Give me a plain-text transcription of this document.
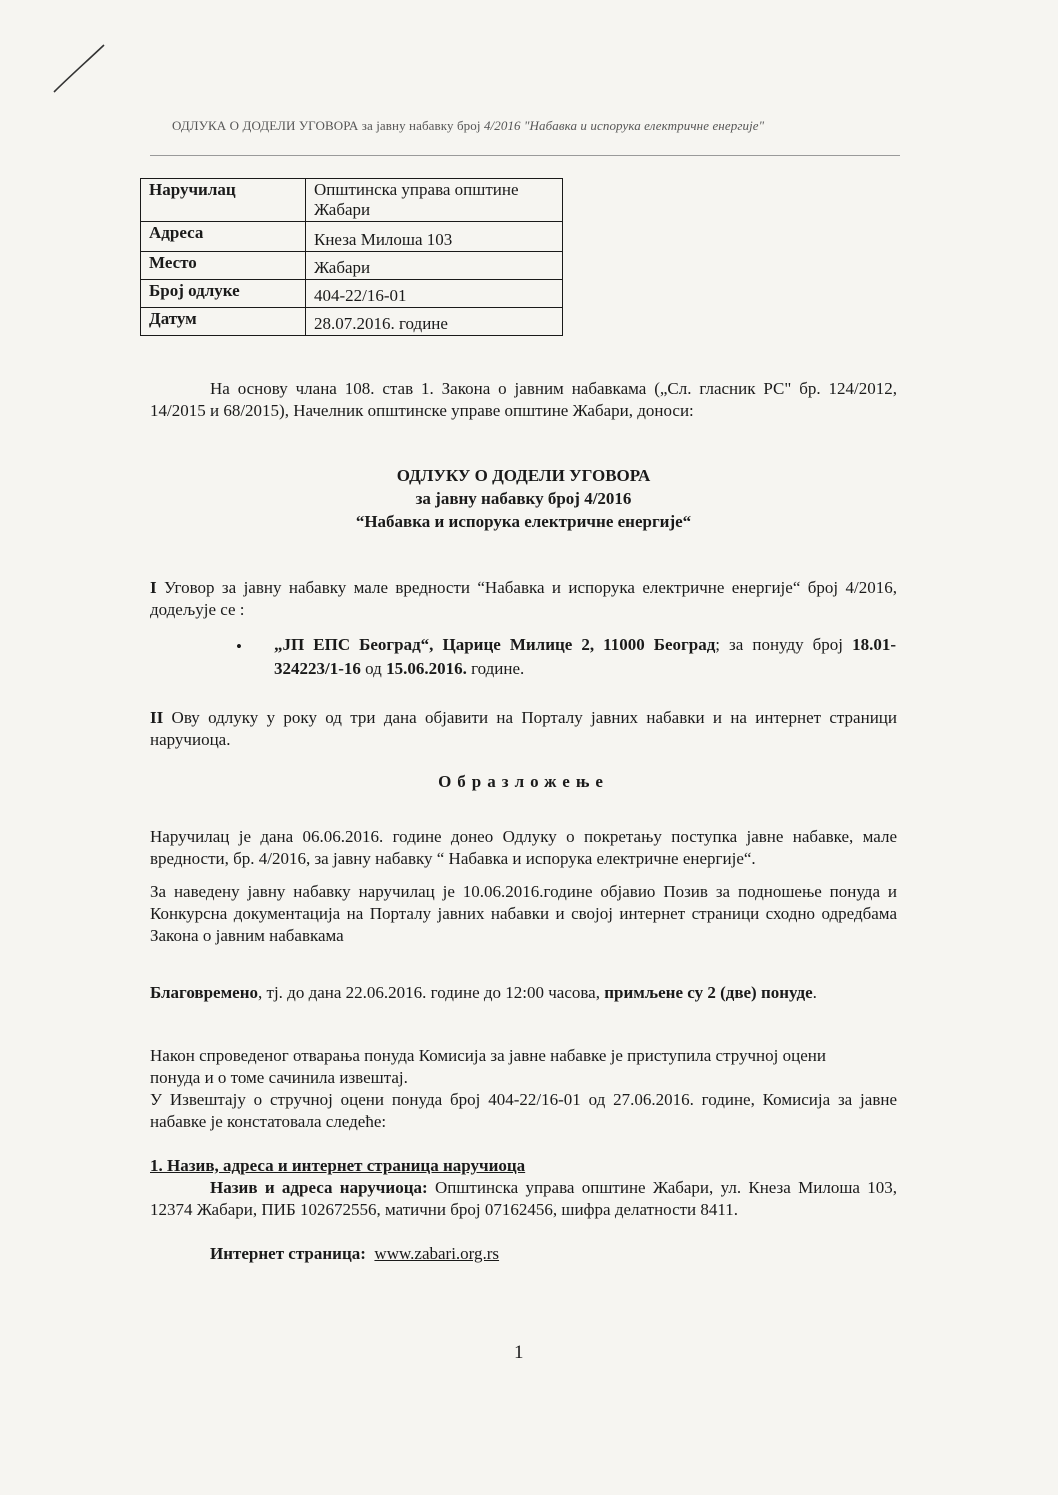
ОДЛУКА О ДОДЕЛИ УГОВОРА за јавну набавку број 4/2016 "Набавка и испорука електричне енергије"
Наручилац	Општинска управа општине Жабари
Адреса	Кнеза Милоша 103
Место	Жабари
Број одлуке	404-22/16-01
Датум	28.07.2016. године

На основу члана 108. став 1. Закона о јавним набавкама („Сл. гласник РС" бр. 124/2012, 14/2015 и 68/2015), Начелник општинске управе општине Жабари, доноси:

ОДЛУКУ О ДОДЕЛИ УГОВОРА

за јавну набавку број 4/2016

“Набавка и испорука електричне енергије“

I Уговор за јавну набавку мале вредности “Набавка и испорука електричне енергије“ број 4/2016, додељује се :

• „ЈП ЕПС Београд“, Царице Милице 2, 11000 Београд; за понуду број 18.01-324223/1-16 од 15.06.2016. године.

II Ову одлуку у року од три дана објавити на Порталу јавних набавки и на интернет страници наручиоца.

Образложење

Наручилац је дана 06.06.2016. године донео Одлуку о покретању поступка јавне набавке, мале вредности, бр. 4/2016, за јавну набавку “ Набавка и испорука електричне енергије“.

За наведену јавну набавку наручилац је 10.06.2016.године објавио Позив за подношење понуда и Конкурсна документација на Порталу јавних набавки и својој интернет страници сходно одредбама Закона о јавним набавкама

Благовремено, тј. до дана 22.06.2016. године до 12:00 часова, примљене су 2 (две) понуде.

Након спроведеног отварања понуда Комисија за јавне набавке је приступила стручној оцени понуда и о томе сачинила извештај.

У Извештају о стручној оцени понуда број 404-22/16-01 од 27.06.2016. године, Комисија за јавне набавке је констатовала следеће:

1. Назив, адреса и интернет страница наручиоца

Назив и адреса наручиоца: Општинска управа општине Жабари, ул. Кнеза Милоша 103, 12374 Жабари, ПИБ 102672556, матични број 07162456, шифра делатности 8411.

Интернет страница: www.zabari.org.rs

1
